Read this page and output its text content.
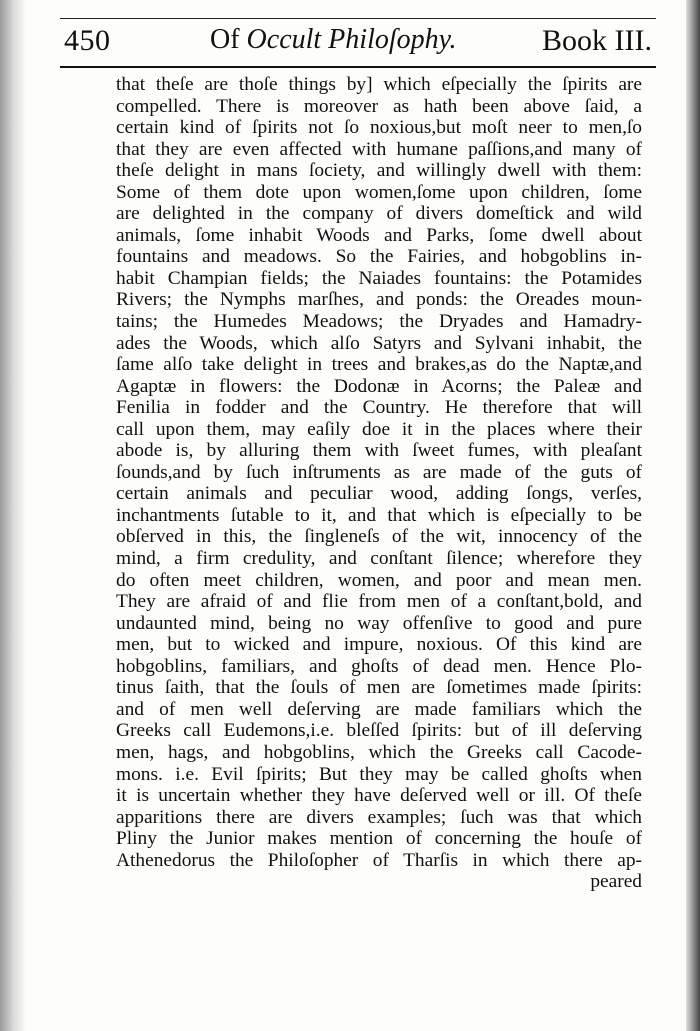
450	Of Occult Philoſophy.	Book III.
that theſe are thoſe things by] which eſpecially the ſpirits are
compelled. There is moreover as hath been above ſaid, a
certain kind of ſpirits not ſo noxious,but moſt neer to men,ſo
that they are even affected with humane paſſions,and many of
theſe delight in mans ſociety, and willingly dwell with them:
Some of them dote upon women,ſome upon children, ſome
are delighted in the company of divers domeſtick and wild
animals, ſome inhabit Woods and Parks, ſome dwell about
fountains and meadows. So the Fairies, and hobgoblins in-
habit Champian fields; the Naiades fountains: the Potamides
Rivers; the Nymphs marſhes, and ponds: the Oreades moun-
tains; the Humedes Meadows; the Dryades and Hamadry-
ades the Woods, which alſo Satyrs and Sylvani inhabit, the
ſame alſo take delight in trees and brakes,as do the Naptæ,and
Agaptæ in flowers: the Dodonæ in Acorns; the Paleæ and
Fenilia in fodder and the Country. He therefore that will
call upon them, may eaſily doe it in the places where their
abode is, by alluring them with ſweet fumes, with pleaſant
ſounds,and by ſuch inſtruments as are made of the guts of
certain animals and peculiar wood, adding ſongs, verſes,
inchantments ſutable to it, and that which is eſpecially to be
obſerved in this, the ſingleneſs of the wit, innocency of the
mind, a firm credulity, and conſtant ſilence; wherefore they
do often meet children, women, and poor and mean men.
They are afraid of and flie from men of a conſtant,bold, and
undaunted mind, being no way offenſive to good and pure
men, but to wicked and impure, noxious. Of this kind are
hobgoblins, familiars, and ghoſts of dead men. Hence Plo-
tinus ſaith, that the ſouls of men are ſometimes made ſpirits:
and of men well deſerving are made familiars which the
Greeks call Eudemons,i.e. bleſſed ſpirits: but of ill deſerving
men, hags, and hobgoblins, which the Greeks call Cacode-
mons. i.e. Evil ſpirits; But they may be called ghoſts when
it is uncertain whether they have deſerved well or ill. Of theſe
apparitions there are divers examples; ſuch was that which
Pliny the Junior makes mention of concerning the houſe of
Athenedorus the Philoſopher of Tharſis in which there ap-
peared
